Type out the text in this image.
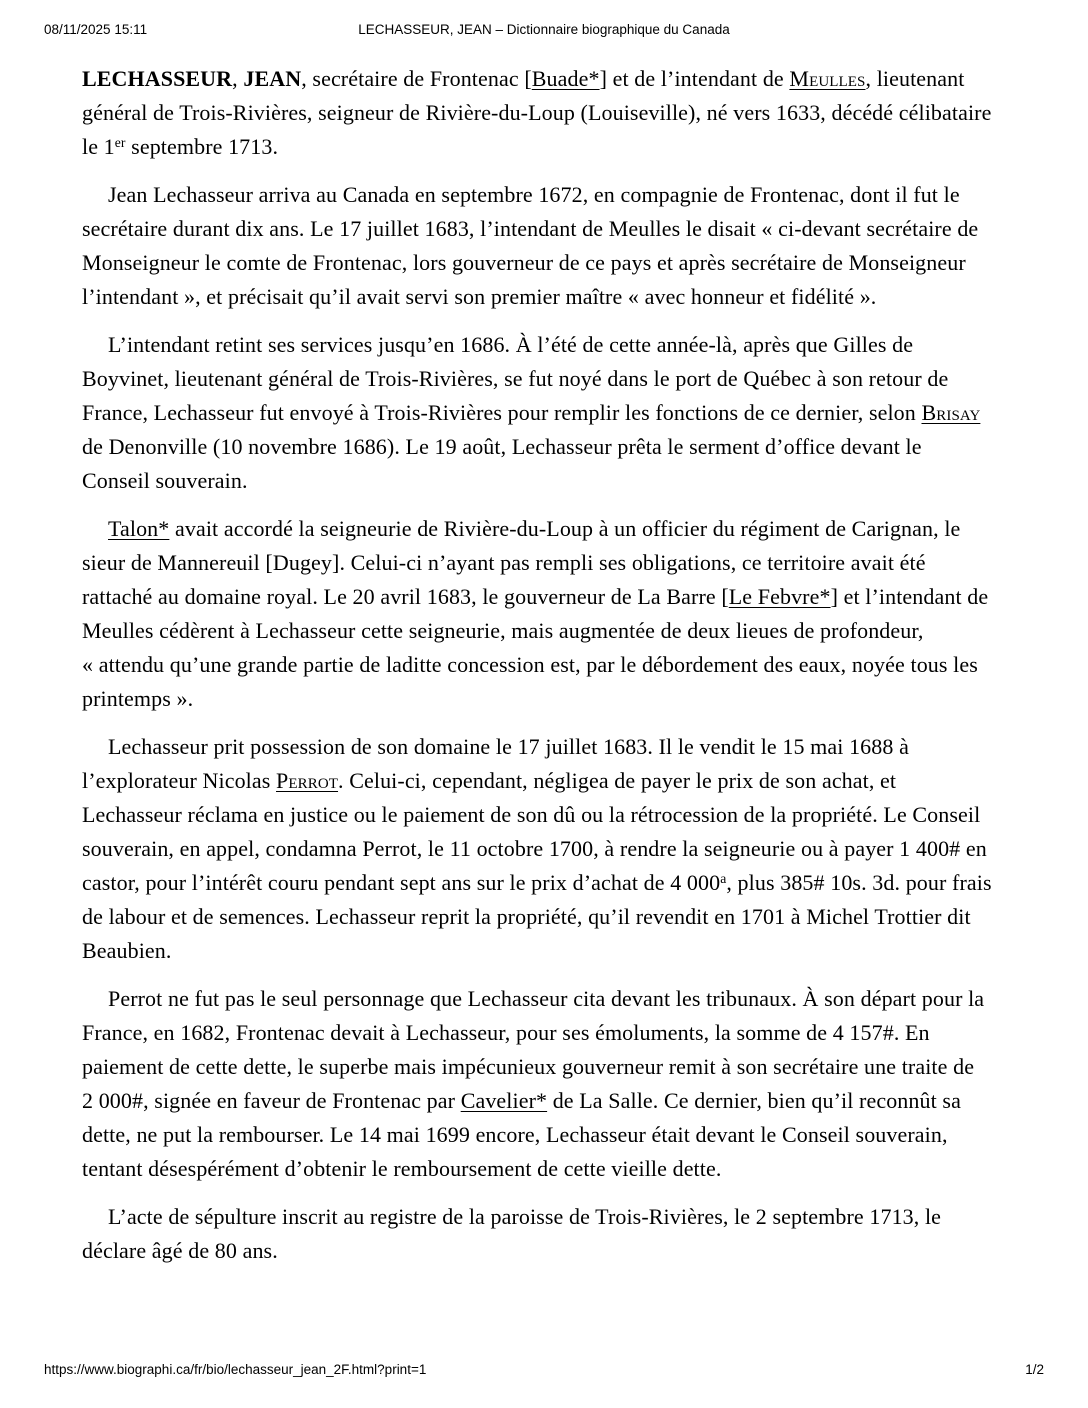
08/11/2025 15:11	LECHASSEUR, JEAN – Dictionnaire biographique du Canada

LECHASSEUR, JEAN, secrétaire de Frontenac [Buade*] et de l’intendant de Meulles, lieutenant général de Trois-Rivières, seigneur de Rivière-du-Loup (Louiseville), né vers 1633, décédé célibataire le 1er septembre 1713.

Jean Lechasseur arriva au Canada en septembre 1672, en compagnie de Frontenac, dont il fut le secrétaire durant dix ans. Le 17 juillet 1683, l’intendant de Meulles le disait « ci-devant secrétaire de Monseigneur le comte de Frontenac, lors gouverneur de ce pays et après secrétaire de Monseigneur l’intendant », et précisait qu’il avait servi son premier maître « avec honneur et fidélité ».

L’intendant retint ses services jusqu’en 1686. À l’été de cette année-là, après que Gilles de Boyvinet, lieutenant général de Trois-Rivières, se fut noyé dans le port de Québec à son retour de France, Lechasseur fut envoyé à Trois-Rivières pour remplir les fonctions de ce dernier, selon Brisay de Denonville (10 novembre 1686). Le 19 août, Lechasseur prêta le serment d’office devant le Conseil souverain.

Talon* avait accordé la seigneurie de Rivière-du-Loup à un officier du régiment de Carignan, le sieur de Mannereuil [Dugey]. Celui-ci n’ayant pas rempli ses obligations, ce territoire avait été rattaché au domaine royal. Le 20 avril 1683, le gouverneur de La Barre [Le Febvre*] et l’intendant de Meulles cédèrent à Lechasseur cette seigneurie, mais augmentée de deux lieues de profondeur, « attendu qu’une grande partie de laditte concession est, par le débordement des eaux, noyée tous les printemps ».

Lechasseur prit possession de son domaine le 17 juillet 1683. Il le vendit le 15 mai 1688 à l’explorateur Nicolas Perrot. Celui-ci, cependant, négligea de payer le prix de son achat, et Lechasseur réclama en justice ou le paiement de son dû ou la rétrocession de la propriété. Le Conseil souverain, en appel, condamna Perrot, le 11 octobre 1700, à rendre la seigneurie ou à payer 1 400# en castor, pour l’intérêt couru pendant sept ans sur le prix d’achat de 4 000$^a$, plus 385# 10s. 3d. pour frais de labour et de semences. Lechasseur reprit la propriété, qu’il revendit en 1701 à Michel Trottier dit Beaubien.

Perrot ne fut pas le seul personnage que Lechasseur cita devant les tribunaux. À son départ pour la France, en 1682, Frontenac devait à Lechasseur, pour ses émoluments, la somme de 4 157#. En paiement de cette dette, le superbe mais impécunieux gouverneur remit à son secrétaire une traite de 2 000#, signée en faveur de Frontenac par Cavelier* de La Salle. Ce dernier, bien qu’il reconnût sa dette, ne put la rembourser. Le 14 mai 1699 encore, Lechasseur était devant le Conseil souverain, tentant désespérément d’obtenir le remboursement de cette vieille dette.

L’acte de sépulture inscrit au registre de la paroisse de Trois-Rivières, le 2 septembre 1713, le déclare âgé de 80 ans.

https://www.biographi.ca/fr/bio/lechasseur_jean_2F.html?print=1	1/2
